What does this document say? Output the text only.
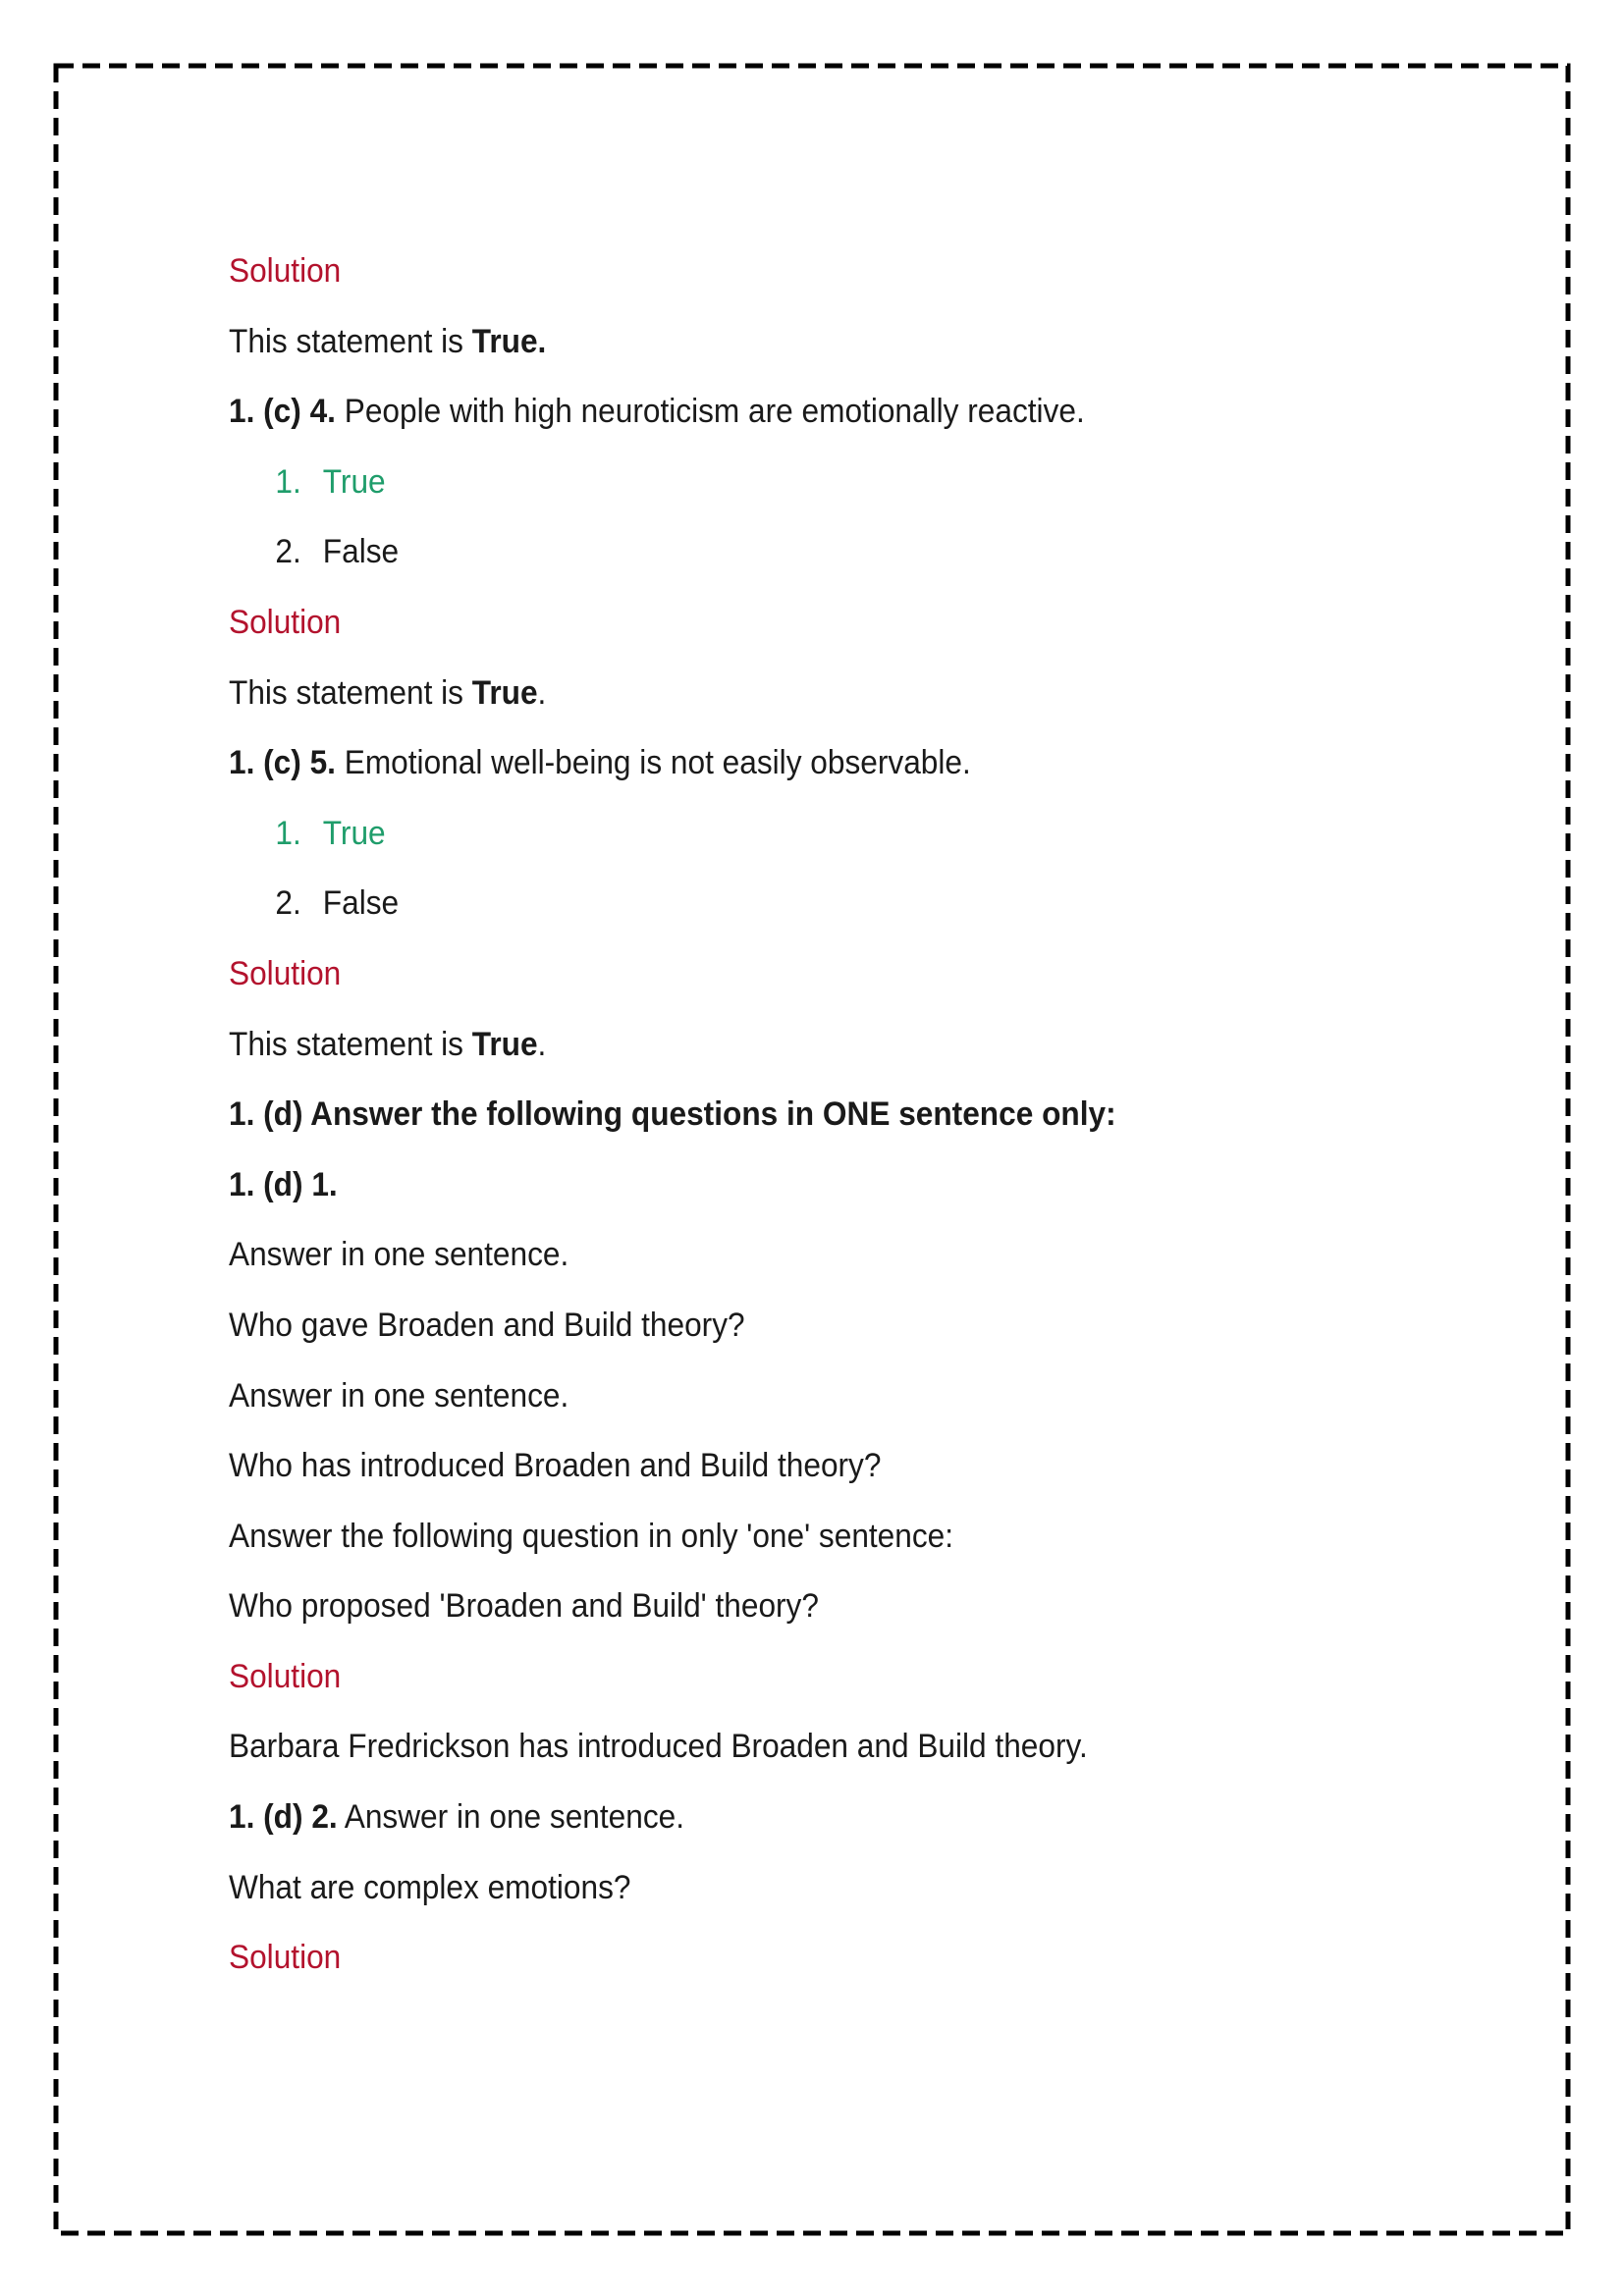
Solution
This statement is True.
1. (c) 4. People with high neuroticism are emotionally reactive.
1. True
2. False
Solution
This statement is True.
1. (c) 5. Emotional well-being is not easily observable.
1. True
2. False
Solution
This statement is True.
1. (d) Answer the following questions in ONE sentence only:
1. (d) 1.
Answer in one sentence.
Who gave Broaden and Build theory?
Answer in one sentence.
Who has introduced Broaden and Build theory?
Answer the following question in only 'one' sentence:
Who proposed 'Broaden and Build' theory?
Solution
Barbara Fredrickson has introduced Broaden and Build theory.
1. (d) 2. Answer in one sentence.
What are complex emotions?
Solution
